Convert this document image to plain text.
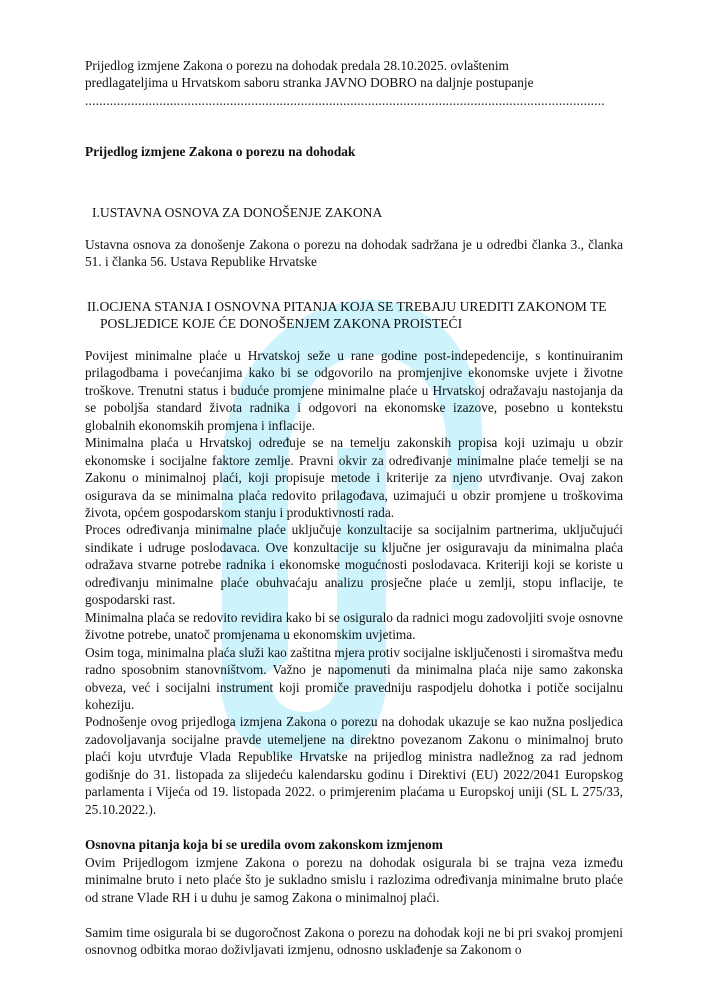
Prijedlog izmjene Zakona o porezu na dohodak predala 28.10.2025. ovlaštenim

predlagateljima u Hrvatskom saboru stranka JAVNO DOBRO na daljnje postupanje

...................................................................................................................................................

Prijedlog izmjene Zakona o porezu na dohodak

I.USTAVNA OSNOVA ZA DONOŠENJE ZAKONA

Ustavna osnova za donošenje Zakona o porezu na dohodak sadržana je u odredbi članka 3., članka 51. i članka 56. Ustava Republike Hrvatske

II.OCJENA STANJA I OSNOVNA PITANJA KOJA SE TREBAJU UREDITI ZAKONOM TE POSLJEDICE KOJE ĆE DONOŠENJEM ZAKONA PROISTEĆI

Povijest minimalne plaće u Hrvatskoj seže u rane godine post-indepedencije, s kontinuiranim prilagodbama i povećanjima kako bi se odgovorilo na promjenjive ekonomske uvjete i životne troškove. Trenutni status i buduće promjene minimalne plaće u Hrvatskoj odražavaju nastojanja da se poboljša standard života radnika i odgovori na ekonomske izazove, posebno u kontekstu globalnih ekonomskih promjena i inflacije.

Minimalna plaća u Hrvatskoj određuje se na temelju zakonskih propisa koji uzimaju u obzir ekonomske i socijalne faktore zemlje. Pravni okvir za određivanje minimalne plaće temelji se na Zakonu o minimalnoj plaći, koji propisuje metode i kriterije za njeno utvrđivanje. Ovaj zakon osigurava da se minimalna plaća redovito prilagođava, uzimajući u obzir promjene u troškovima života, općem gospodarskom stanju i produktivnosti rada.

Proces određivanja minimalne plaće uključuje konzultacije sa socijalnim partnerima, uključujući sindikate i udruge poslodavaca. Ove konzultacije su ključne jer osiguravaju da minimalna plaća odražava stvarne potrebe radnika i ekonomske mogućnosti poslodavaca. Kriteriji koji se koriste u određivanju minimalne plaće obuhvaćaju analizu prosječne plaće u zemlji, stopu inflacije, te gospodarski rast.

Minimalna plaća se redovito revidira kako bi se osiguralo da radnici mogu zadovoljiti svoje osnovne životne potrebe, unatoč promjenama u ekonomskim uvjetima.

Osim toga, minimalna plaća služi kao zaštitna mjera protiv socijalne isključenosti i siromaštva među radno sposobnim stanovništvom. Važno je napomenuti da minimalna plaća nije samo zakonska obveza, već i socijalni instrument koji promiče pravedniju raspodjelu dohotka i potiče socijalnu koheziju.

Podnošenje ovog prijedloga izmjena Zakona o porezu na dohodak ukazuje se kao nužna posljedica zadovoljavanja socijalne pravde utemeljene na direktno povezanom Zakonu o minimalnoj bruto plaći koju utvrđuje Vlada Republike Hrvatske na prijedlog ministra nadležnog za rad jednom godišnje do 31. listopada za slijedeću kalendarsku godinu i Direktivi (EU) 2022/2041 Europskog parlamenta i Vijeća od 19. listopada 2022. o primjerenim plaćama u Europskoj uniji (SL L 275/33, 25.10.2022.).

Osnovna pitanja koja bi se uredila ovom zakonskom izmjenom

Ovim Prijedlogom izmjene Zakona o porezu na dohodak osigurala bi se trajna veza između minimalne bruto i neto plaće što je sukladno smislu i razlozima određivanja minimalne bruto plaće od strane Vlade RH i u duhu je samog Zakona o minimalnoj plaći.

Samim time osigurala bi se dugoročnost Zakona o porezu na dohodak koji ne bi pri svakoj promjeni osnovnog odbitka morao doživljavati izmjenu, odnosno usklađenje sa Zakonom o
